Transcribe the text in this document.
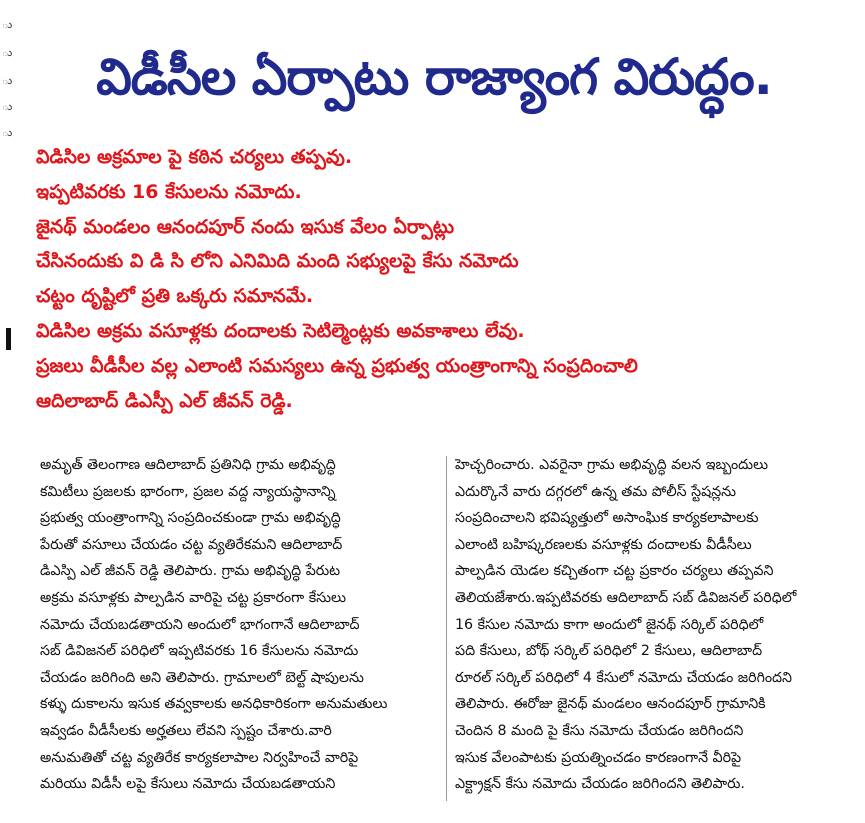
ు
ు
ు
ు
ు
విడీసీల ఏర్పాటు రాజ్యాంగ విరుద్ధం.
విడిసిల అక్రమాల పై కఠిన చర్యలు తప్పవు.
ఇప్పటివరకు 16 కేసులను నమోదు.
జైనథ్ మండలం ఆనందపూర్ నందు ఇసుక వేలం ఏర్పాట్లు
చేసినందుకు వి డి సి లోని ఎనిమిది మంది సభ్యులపై కేసు నమోదు
చట్టం దృష్టిలో ప్రతి ఒక్కరు సమానమే.
విడిసిల అక్రమ వసూళ్లకు దందాలకు సెటిల్మెంట్లకు అవకాశాలు లేవు.
ప్రజలు వీడీసీల వల్ల ఎలాంటి సమస్యలు ఉన్న ప్రభుత్వ యంత్రాంగాన్ని సంప్రదించాలి
ఆదిలాబాద్ డిఎస్పీ ఎల్ జీవన్ రెడ్డి.
అమృత్ తెలంగాణ ఆదిలాబాద్ ప్రతినిధి గ్రామ అభివృద్ధి
కమిటీలు ప్రజలకు భారంగా, ప్రజల వద్ద న్యాయస్థానాన్ని
ప్రభుత్వ యంత్రాంగాన్ని సంప్రదించకుండా గ్రామ అభివృద్ధి
పేరుతో వసూలు చేయడం చట్ట వ్యతిరేకమని ఆదిలాబాద్
డిఎస్పి ఎల్ జీవన్ రెడ్డి తెలిపారు. గ్రామ అభివృద్ధి పేరుట
అక్రమ వసూళ్లకు పాల్పడిన వారిపై చట్ట ప్రకారంగా కేసులు
నమోదు చేయబడతాయని అందులో భాగంగానే ఆదిలాబాద్
సబ్ డివిజనల్ పరిధిలో ఇప్పటివరకు 16 కేసులను నమోదు
చేయడం జరిగింది అని తెలిపారు. గ్రామాలలో బెల్ట్ షాపులను
కళ్ళు దుకాలను ఇసుక తవ్వకాలకు అనధికారికంగా అనుమతులు
ఇవ్వడం వీడీసీలకు అర్హతలు లేవని స్పష్టం చేశారు.వారి
అనుమతితో చట్ట వ్యతిరేక కార్యకలాపాల నిర్వహించే వారిపై
మరియు విడీసీ లపై కేసులు నమోదు చేయబడతాయని
హెచ్చరించారు. ఎవరైనా గ్రామ అభివృద్ధి వలన ఇబ్బందులు
ఎదుర్కొనే వారు దగ్గరలో ఉన్న తమ పోలీస్ స్టేషన్లను
సంప్రదించాలని భవిష్యత్తులో అసాంఘిక కార్యకలాపాలకు
ఎలాంటి బహిష్కరణలకు వసూళ్లకు దందాలకు వీడీసీలు
పాల్పడిన యెడల కచ్చితంగా చట్ట ప్రకారం చర్యలు తప్పవని
తెలియజేశారు.ఇప్పటివరకు ఆదిలాబాద్ సబ్ డివిజనల్ పరిధిలో
16 కేసుల నమోదు కాగా అందులో జైనథ్ సర్కిల్ పరిధిలో
పది కేసులు, బోథ్ సర్కిల్ పరిధిలో 2 కేసులు, ఆదిలాబాద్
రూరల్ సర్కిల్ పరిధిలో 4 కేసులో నమోదు చేయడం జరిగిందని
తెలిపారు. ఈరోజు జైనథ్ మండలం ఆనందపూర్ గ్రామానికి
చెందిన 8 మంది పై కేసు నమోదు చేయడం జరిగిందని
ఇసుక వేలంపాటకు ప్రయత్నించడం కారణంగానే వీరిపై
ఎక్ట్రాక్షన్ కేసు నమోదు చేయడం జరిగిందని తెలిపారు.
